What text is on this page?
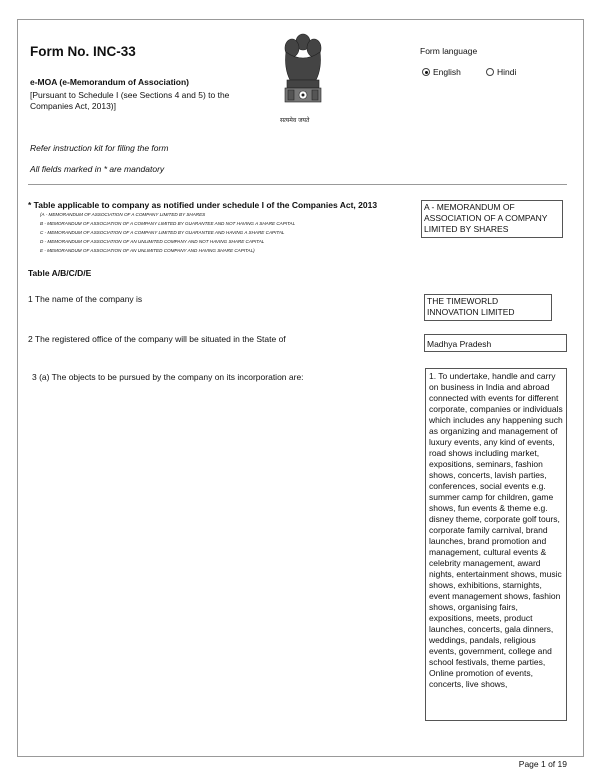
Form No. INC-33
e-MOA (e-Memorandum of Association)
[Pursuant to Schedule I (see Sections 4 and 5) to the Companies Act, 2013)]
सत्यमेव जयते
Form language
English	Hindi
Refer instruction kit for filing the form
All fields marked in * are mandatory
* Table applicable to company as notified under schedule I of the Companies Act, 2013
(A - MEMORANDUM OF ASSOCIATION OF A COMPANY LIMITED BY SHARES
B - MEMORANDUM OF ASSOCIATION OF A COMPANY LIMITED BY GUARANTEE AND NOT HAVING A SHARE CAPITAL
C - MEMORANDUM OF ASSOCIATION OF A COMPANY LIMITED BY GUARANTEE AND HAVING A SHARE CAPITAL
D - MEMORANDUM OF ASSOCIATION OF AN UNLIMITED COMPANY AND NOT HAVING SHARE CAPITAL
E - MEMORANDUM OF ASSOCIATION OF AN UNLIMITED COMPANY AND HAVING SHARE CAPITAL)
A - MEMORANDUM OF ASSOCIATION OF A COMPANY LIMITED BY SHARES
Table A/B/C/D/E
1 The name of the company is	THE TIMEWORLD INNOVATION LIMITED
2 The registered office of the company will be situated in the State of	Madhya Pradesh
3 (a) The objects to be pursued by the company on its incorporation are:	1. To undertake, handle and carry on business in India and abroad connected with events for different corporate, companies or individuals which includes any happening such as organizing and management of luxury events, any kind of events, road shows including market, expositions, seminars, fashion shows, concerts, lavish parties, conferences, social events e.g. summer camp for children, game shows, fun events & theme e.g. disney theme, corporate golf tours, corporate family carnival, brand launches, brand promotion and management, cultural events & celebrity management, award nights, entertainment shows, music shows, exhibitions, starnights, event management shows, fashion shows, organising fairs, expositions, meets, product launches, concerts, gala dinners, weddings, pandals, religious events, government, college and school festivals, theme parties, Online promotion of events, concerts, live shows,
Page 1 of 19
